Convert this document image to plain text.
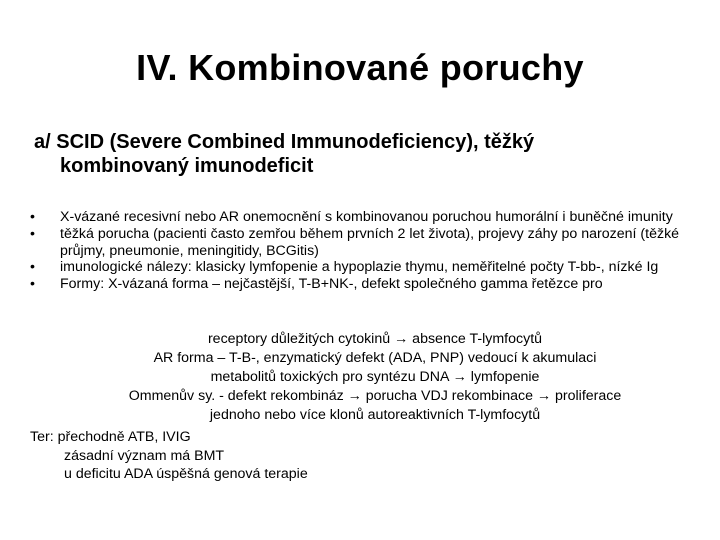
IV. Kombinované poruchy
a/ SCID (Severe Combined Immunodeficiency), těžký
kombinovaný imunodeficit
• X-vázané recesivní nebo AR onemocnění s kombinovanou poruchou humorální i buněčné imunity
• těžká porucha (pacienti často zemřou během prvních 2 let života), projevy záhy po narození (těžké průjmy, pneumonie, meningitidy, BCGitis)
• imunologické nálezy: klasicky lymfopenie a hypoplazie thymu, neměřitelné počty T-bb-, nízké Ig
• Formy: X-vázaná forma – nejčastější, T-B+NK-, defekt společného gamma řetězce pro
receptory důležitých cytokinů → absence T-lymfocytů
AR forma – T-B-, enzymatický defekt (ADA, PNP) vedoucí k akumulaci
metabolitů toxických pro syntézu DNA → lymfopenie
Ommenův sy. - defekt rekombináz → porucha VDJ rekombinace → proliferace
jednoho nebo více klonů autoreaktivních T-lymfocytů
Ter: přechodně ATB, IVIG
zásadní význam má BMT
u deficitu ADA úspěšná genová terapie
